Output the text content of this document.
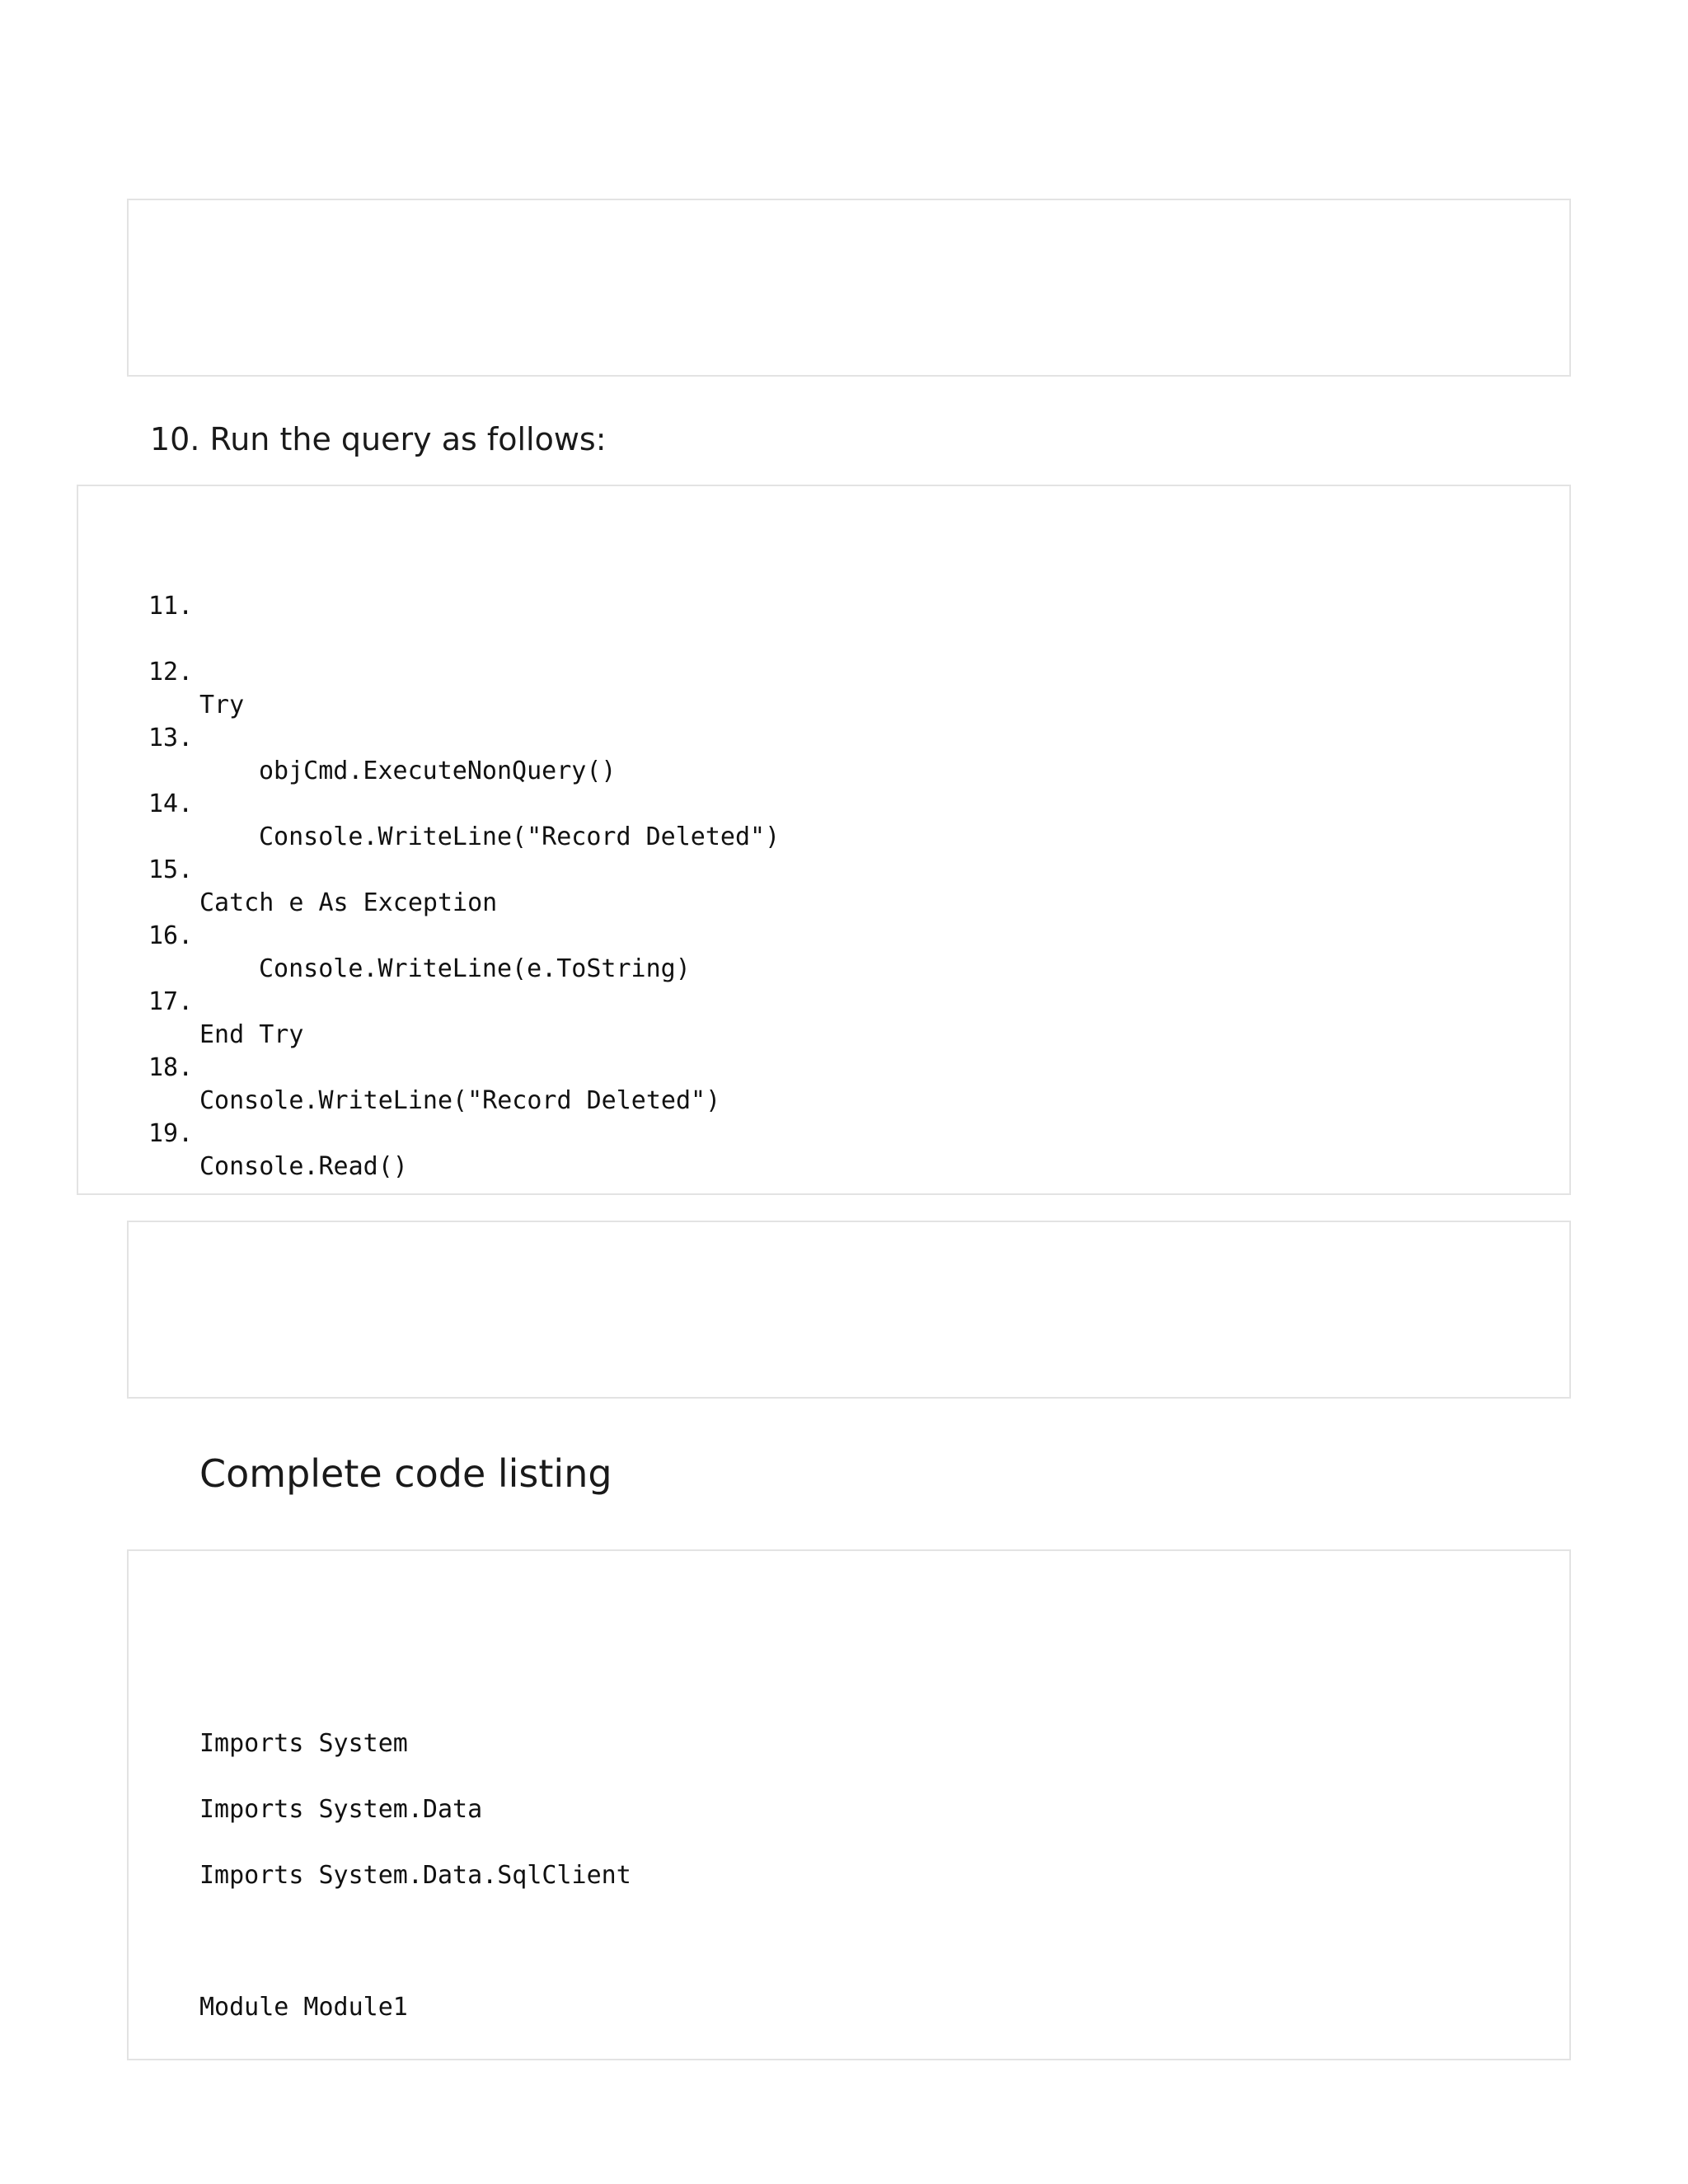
10. Run the query as follows:

11.

12.

Try

13.

objCmd.ExecuteNonQuery()

14.

Console.WriteLine("Record Deleted")

15.

Catch e As Exception

16.

Console.WriteLine(e.ToString)

17.

End Try

18.

Console.WriteLine("Record Deleted")

19.

Console.Read()

Complete code listing

Imports System

Imports System.Data

Imports System.Data.SqlClient

Module Module1
